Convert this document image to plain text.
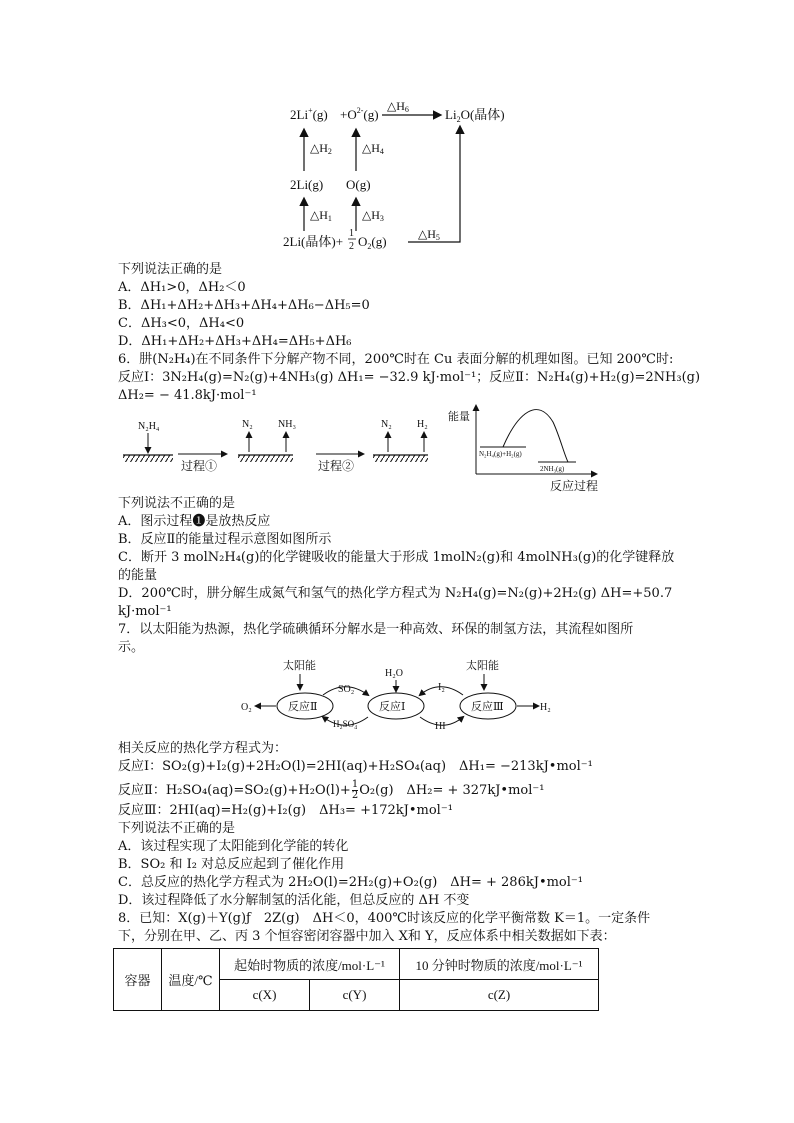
$2Li^+(g) +O^{2-}(g)$
△H6	$Li_2O$(晶体)
△H2	△H4
2Li(g) O(g)
△H1	△H3
2Li(晶体)+
1
2 $O_2(g)$	△H5
下列说法正确的是
A．ΔH₁>0，ΔH₂＜0
B．ΔH₁+ΔH₂+ΔH₃+ΔH₄+ΔH₆−ΔH₅=0
C．ΔH₃<0，ΔH₄<0
D．ΔH₁+ΔH₂+ΔH₃+ΔH₄=ΔH₅+ΔH₆
6．肼(N₂H₄)在不同条件下分解产物不同，200℃时在 Cu 表面分解的机理如图。已知 200℃时:
反应Ⅰ：3N₂H₄(g)=N₂(g)+4NH₃(g) ΔH₁= −32.9 kJ·mol⁻¹；反应Ⅱ：N₂H₄(g)+H₂(g)=2NH₃(g)
ΔH₂= − 41.8kJ·mol⁻¹
N₂H₄
过程①
N₂	NH₃
过程②
N₂	H₂
能量
N₂H₄(g)+H₂(g)
2NH₃(g)
反应过程
下列说法不正确的是
A．图示过程❶是放热反应
B．反应Ⅱ的能量过程示意图如图所示
C．断开 3 molN₂H₄(g)的化学键吸收的能量大于形成 1molN₂(g)和 4molNH₃(g)的化学键释放
的能量
D．200℃时，肼分解生成氮气和氢气的热化学方程式为 N₂H₄(g)=N₂(g)+2H₂(g) ΔH=+50.7
kJ·mol⁻¹
7．以太阳能为热源，热化学硫碘循环分解水是一种高效、环保的制氢方法，其流程如图所
示。
太阳能	太阳能
反应Ⅱ	反应Ⅰ	反应Ⅲ
H₂O
O₂	H₂
SO₂
H₂SO₄
I₂
HI
相关反应的热化学方程式为：
反应Ⅰ：SO₂(g)+I₂(g)+2H₂O(l)=2HI(aq)+H₂SO₄(aq)　ΔH₁= −213kJ•mol⁻¹
反应Ⅱ：$H_2SO_4(aq)=SO_2(g)+H_2O(l)+ \frac{1}{2} O_2(g)$　ΔH₂= + 327kJ•mol⁻¹
反应Ⅲ：2HI(aq)=H₂(g)+I₂(g)　ΔH₃= +172kJ•mol⁻¹
下列说法不正确的是
A．该过程实现了太阳能到化学能的转化
B．SO₂ 和 I₂ 对总反应起到了催化作用
C．总反应的热化学方程式为 2H₂O(l)=2H₂(g)+O₂(g)　ΔH= + 286kJ•mol⁻¹
D．该过程降低了水分解制氢的活化能，但总反应的 ΔH 不变
8．已知：X(g)＋Y(g)ƒ　2Z(g)　ΔH＜0，400℃时该反应的化学平衡常数 K＝1。一定条件
下，分别在甲、乙、丙 3 个恒容密闭容器中加入 X和 Y，反应体系中相关数据如下表：
容器	温度/℃	起始时物质的浓度/mol·L⁻¹		10 分钟时物质的浓度/mol·L⁻¹
		c(X)	c(Y)	c(Z)
